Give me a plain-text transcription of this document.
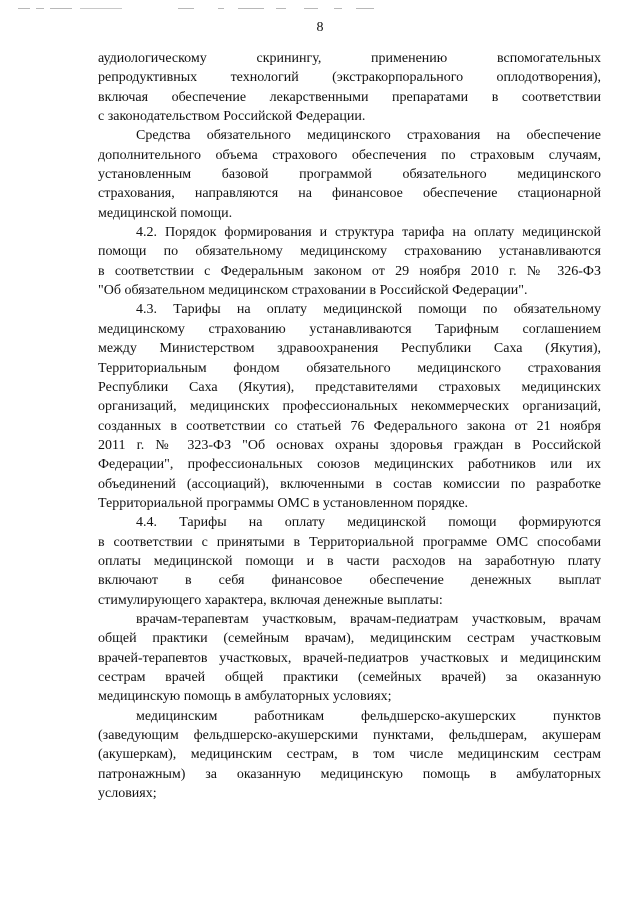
8
аудиологическому скринингу, применению вспомогательных
репродуктивных технологий (экстракорпорального оплодотворения),
включая обеспечение лекарственными препаратами в соответствии
с законодательством Российской Федерации.
Средства обязательного медицинского страхования на обеспечение
дополнительного объема страхового обеспечения по страховым случаям,
установленным базовой программой обязательного медицинского
страхования, направляются на финансовое обеспечение стационарной
медицинской помощи.
4.2. Порядок формирования и структура тарифа на оплату медицинской
помощи по обязательному медицинскому страхованию устанавливаются
в соответствии с Федеральным законом от 29 ноября 2010 г. № 326-ФЗ
"Об обязательном медицинском страховании в Российской Федерации".
4.3. Тарифы на оплату медицинской помощи по обязательному
медицинскому страхованию устанавливаются Тарифным соглашением
между Министерством здравоохранения Республики Саха (Якутия),
Территориальным фондом обязательного медицинского страхования
Республики Саха (Якутия), представителями страховых медицинских
организаций, медицинских профессиональных некоммерческих организаций,
созданных в соответствии со статьей 76 Федерального закона от 21 ноября
2011 г. № 323-ФЗ "Об основах охраны здоровья граждан в Российской
Федерации", профессиональных союзов медицинских работников или их
объединений (ассоциаций), включенными в состав комиссии по разработке
Территориальной программы ОМС в установленном порядке.
4.4. Тарифы на оплату медицинской помощи формируются
в соответствии с принятыми в Территориальной программе ОМС способами
оплаты медицинской помощи и в части расходов на заработную плату
включают в себя финансовое обеспечение денежных выплат
стимулирующего характера, включая денежные выплаты:
врачам-терапевтам участковым, врачам-педиатрам участковым, врачам
общей практики (семейным врачам), медицинским сестрам участковым
врачей-терапевтов участковых, врачей-педиатров участковых и медицинским
сестрам врачей общей практики (семейных врачей) за оказанную
медицинскую помощь в амбулаторных условиях;
медицинским работникам фельдшерско-акушерских пунктов
(заведующим фельдшерско-акушерскими пунктами, фельдшерам, акушерам
(акушеркам), медицинским сестрам, в том числе медицинским сестрам
патронажным) за оказанную медицинскую помощь в амбулаторных
условиях;
